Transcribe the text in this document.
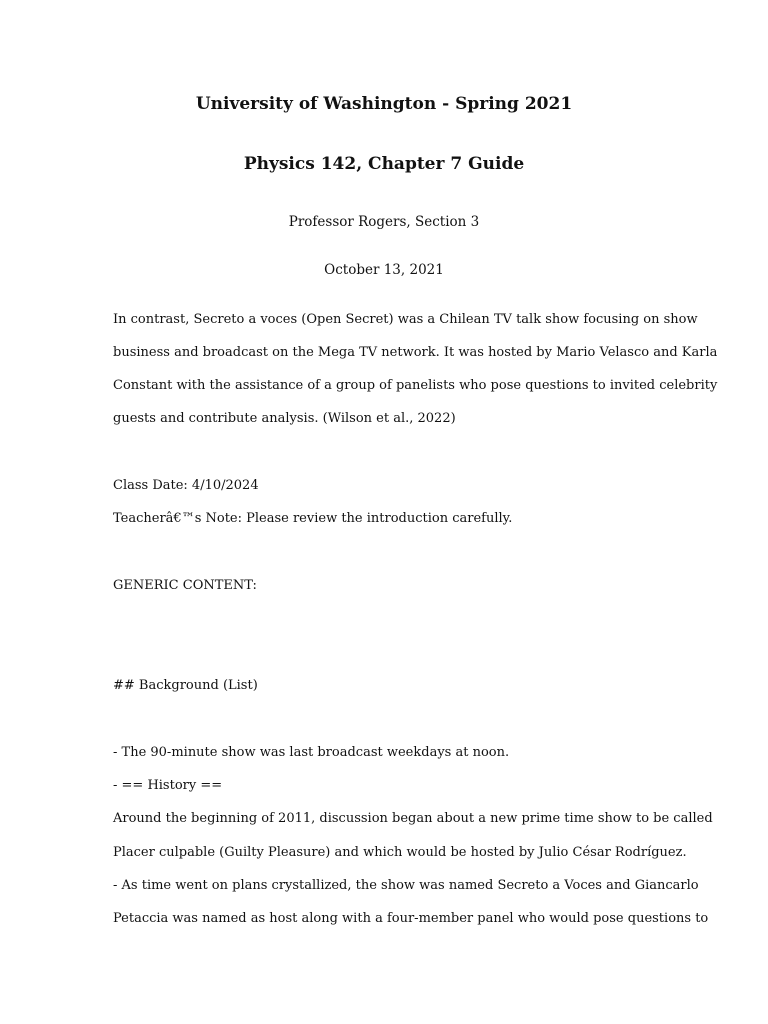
University of Washington - Spring 2021
Physics 142, Chapter 7 Guide
Professor Rogers, Section 3
October 13, 2021
In contrast, Secreto a voces (Open Secret) was a Chilean TV talk show focusing on show
business and broadcast on the Mega TV network. It was hosted by Mario Velasco and Karla
Constant with the assistance of a group of panelists who pose questions to invited celebrity
guests and contribute analysis. (Wilson et al., 2022)
Class Date: 4/10/2024
Teacherâ€™s Note: Please review the introduction carefully.
GENERIC CONTENT:
## Background (List)
- The 90-minute show was last broadcast weekdays at noon.
- == History ==
Around the beginning of 2011, discussion began about a new prime time show to be called
Placer culpable (Guilty Pleasure) and which would be hosted by Julio César Rodríguez.
- As time went on plans crystallized, the show was named Secreto a Voces and Giancarlo
Petaccia was named as host along with a four-member panel who would pose questions to
